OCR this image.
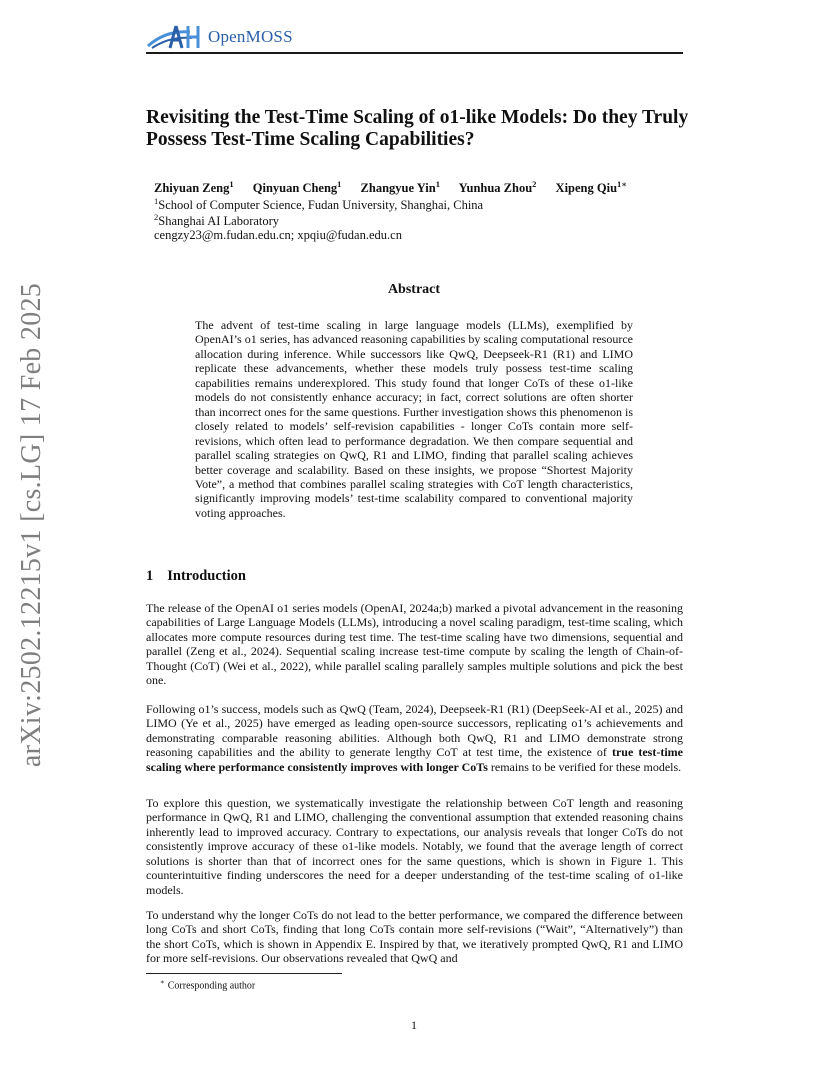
OpenMOSS
arXiv:2502.12215v1 [cs.LG] 17 Feb 2025
Revisiting the Test-Time Scaling of o1-like Models: Do they Truly Possess Test-Time Scaling Capabilities?
Zhiyuan Zeng$^1$ Qinyuan Cheng$^1$ Zhangyue Yin$^1$ Yunhua Zhou$^2$ Xipeng Qiu$^{1∗}$
$^1$School of Computer Science, Fudan University, Shanghai, China
$^2$Shanghai AI Laboratory
cengzy23@m.fudan.edu.cn; xpqiu@fudan.edu.cn
Abstract

The advent of test-time scaling in large language models (LLMs), exemplified by OpenAI’s o1 series, has advanced reasoning capabilities by scaling computational resource allocation during inference. While successors like QwQ, Deepseek-R1 (R1) and LIMO replicate these advancements, whether these models truly possess test-time scaling capabilities remains underexplored. This study found that longer CoTs of these o1-like models do not consistently enhance accuracy; in fact, correct solutions are often shorter than incorrect ones for the same questions. Further investigation shows this phenomenon is closely related to models’ self-revision capabilities - longer CoTs contain more self-revisions, which often lead to performance degradation. We then compare sequential and parallel scaling strategies on QwQ, R1 and LIMO, finding that parallel scaling achieves better coverage and scalability. Based on these insights, we propose “Shortest Majority Vote”, a method that combines parallel scaling strategies with CoT length characteristics, significantly improving models’ test-time scalability compared to conventional majority voting approaches.

1 Introduction

The release of the OpenAI o1 series models (OpenAI, 2024a;b) marked a pivotal advancement in the reasoning capabilities of Large Language Models (LLMs), introducing a novel scaling paradigm, test-time scaling, which allocates more compute resources during test time. The test-time scaling have two dimensions, sequential and parallel (Zeng et al., 2024). Sequential scaling increase test-time compute by scaling the length of Chain-of-Thought (CoT) (Wei et al., 2022), while parallel scaling parallely samples multiple solutions and pick the best one.

Following o1’s success, models such as QwQ (Team, 2024), Deepseek-R1 (R1) (DeepSeek-AI et al., 2025) and LIMO (Ye et al., 2025) have emerged as leading open-source successors, replicating o1’s achievements and demonstrating comparable reasoning abilities. Although both QwQ, R1 and LIMO demonstrate strong reasoning capabilities and the ability to generate lengthy CoT at test time, the existence of true test-time scaling where performance consistently improves with longer CoTs remains to be verified for these models.

To explore this question, we systematically investigate the relationship between CoT length and reasoning performance in QwQ, R1 and LIMO, challenging the conventional assumption that extended reasoning chains inherently lead to improved accuracy. Contrary to expectations, our analysis reveals that longer CoTs do not consistently improve accuracy of these o1-like models. Notably, we found that the average length of correct solutions is shorter than that of incorrect ones for the same questions, which is shown in Figure 1. This counterintuitive finding underscores the need for a deeper understanding of the test-time scaling of o1-like models.

To understand why the longer CoTs do not lead to the better performance, we compared the difference between long CoTs and short CoTs, finding that long CoTs contain more self-revisions (“Wait”, “Alternatively”) than the short CoTs, which is shown in Appendix E. Inspired by that, we iteratively prompted QwQ, R1 and LIMO for more self-revisions. Our observations revealed that QwQ and

∗ Corresponding author
1
